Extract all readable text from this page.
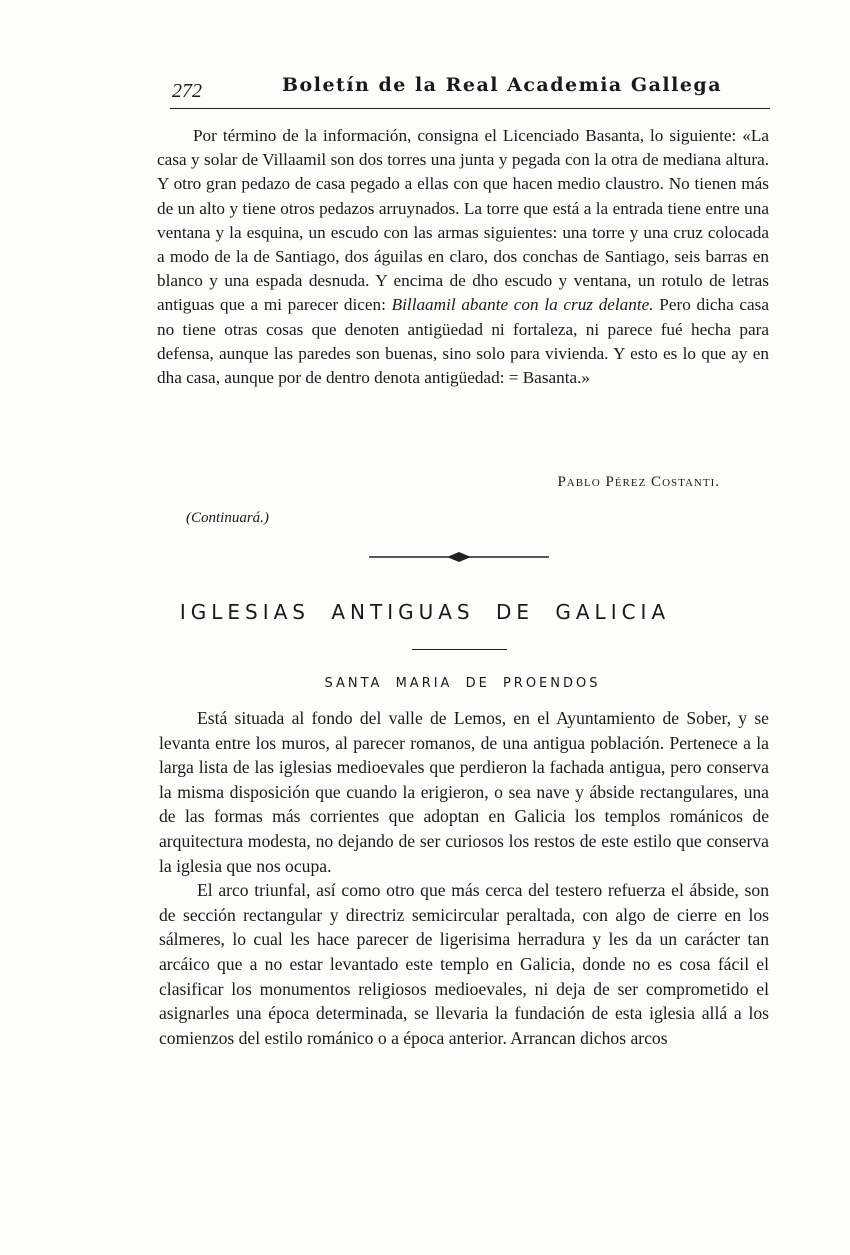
272	Boletín de la Real Academia Gallega

Por término de la información, consigna el Licenciado Basanta, lo siguiente: «La casa y solar de Villaamil son dos torres una junta y pegada con la otra de mediana altura. Y otro gran pedazo de casa pegado a ellas con que hacen medio claustro. No tienen más de un alto y tiene otros pedazos arruynados. La torre que está a la entrada tiene entre una ventana y la esquina, un escudo con las armas siguientes: una torre y una cruz colocada a modo de la de Santiago, dos águilas en claro, dos conchas de Santiago, seis barras en blanco y una espada desnuda. Y encima de dho escudo y ventana, un rotulo de letras antiguas que a mi parecer dicen: Billaamil abante con la cruz delante. Pero dicha casa no tiene otras cosas que denoten antigüedad ni fortaleza, ni parece fué hecha para defensa, aunque las paredes son buenas, sino solo para vivienda. Y esto es lo que ay en dha casa, aunque por de dentro denota antigüedad: = Basanta.»

Pablo Pérez Costanti.
(Continuará.)
IGLESIAS ANTIGUAS DE GALICIA
SANTA MARIA DE PROENDOS

Está situada al fondo del valle de Lemos, en el Ayuntamiento de Sober, y se levanta entre los muros, al parecer romanos, de una antigua población. Pertenece a la larga lista de las iglesias medioevales que perdieron la fachada antigua, pero conserva la misma disposición que cuando la erigieron, o sea nave y ábside rectangulares, una de las formas más corrientes que adoptan en Galicia los templos románicos de arquitectura modesta, no dejando de ser curiosos los restos de este estilo que conserva la iglesia que nos ocupa.

El arco triunfal, así como otro que más cerca del testero refuerza el ábside, son de sección rectangular y directriz semicircular peraltada, con algo de cierre en los sálmeres, lo cual les hace parecer de ligerisima herradura y les da un carácter tan arcáico que a no estar levantado este templo en Galicia, donde no es cosa fácil el clasificar los monumentos religiosos medioevales, ni deja de ser comprometido el asignarles una época determinada, se llevaria la fundación de esta iglesia allá a los comienzos del estilo románico o a época anterior. Arrancan dichos arcos
